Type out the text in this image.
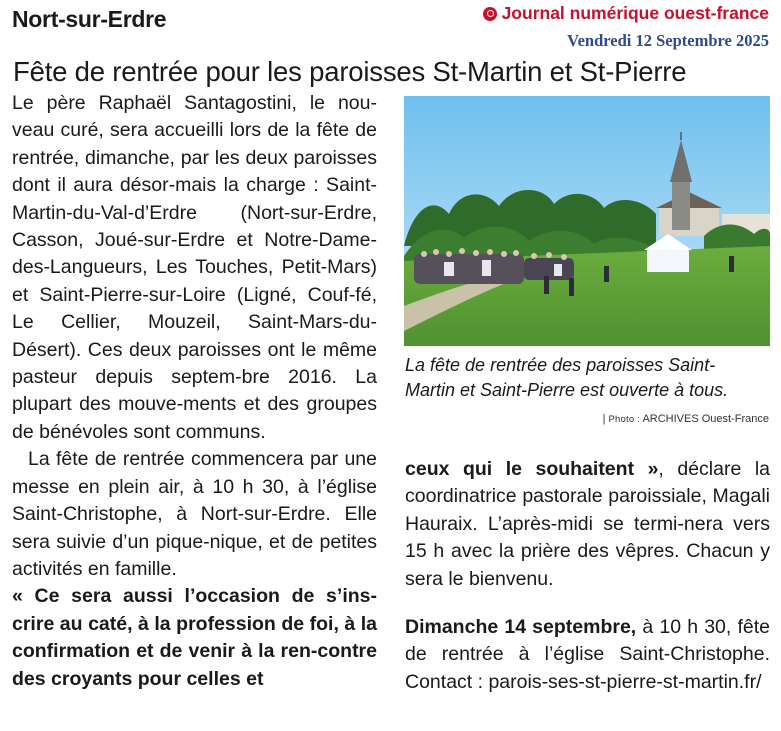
Nort-sur-Erdre	Journal numérique ouest-france
Vendredi 12 Septembre 2025
Fête de rentrée pour les paroisses St-Martin et St-Pierre

Le père Raphaël Santagostini, le nou-veau curé, sera accueilli lors de la fête de rentrée, dimanche, par les deux paroisses dont il aura désor-mais la charge : Saint-Martin-du-Val-d’Erdre (Nort-sur-Erdre, Casson, Joué-sur-Erdre et Notre-Dame-des-Langueurs, Les Touches, Petit-Mars) et Saint-Pierre-sur-Loire (Ligné, Couf-fé, Le Cellier, Mouzeil, Saint-Mars-du-Désert). Ces deux paroisses ont le même pasteur depuis septem-bre 2016. La plupart des mouve-ments et des groupes de bénévoles sont communs.

La fête de rentrée commencera par une messe en plein air, à 10 h 30, à l’église Saint-Christophe, à Nort-sur-Erdre. Elle sera suivie d’un pique-nique, et de petites activités en famille.

« Ce sera aussi l’occasion de s’ins-crire au caté, à la profession de foi, à la confirmation et de venir à la ren-contre des croyants pour celles et

La fête de rentrée des paroisses Saint-Martin et Saint-Pierre est ouverte à tous.
| Photo : ARCHIVES Ouest-France

ceux qui le souhaitent », déclare la coordinatrice pastorale paroissiale, Magali Hauraix. L’après-midi se termi-nera vers 15 h avec la prière des vêpres. Chacun y sera le bienvenu.

Dimanche 14 septembre, à 10 h 30, fête de rentrée à l’église Saint-Christophe. Contact : parois-ses-st-pierre-st-martin.fr/
